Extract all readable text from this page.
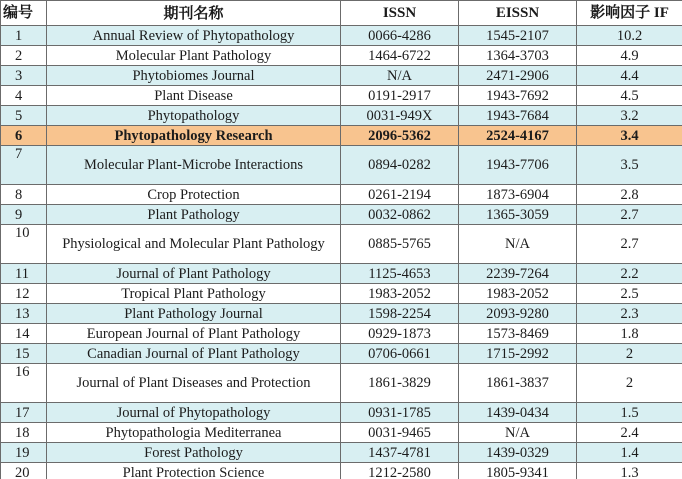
编号	期刊名称	ISSN	EISSN	影响因子 IF
1	Annual Review of Phytopathology	0066-4286	1545-2107	10.2
2	Molecular Plant Pathology	1464-6722	1364-3703	4.9
3	Phytobiomes Journal	N/A	2471-2906	4.4
4	Plant Disease	0191-2917	1943-7692	4.5
5	Phytopathology	0031-949X	1943-7684	3.2
6	Phytopathology Research	2096-5362	2524-4167	3.4
7	Molecular Plant-Microbe Interactions	0894-0282	1943-7706	3.5
8	Crop Protection	0261-2194	1873-6904	2.8
9	Plant Pathology	0032-0862	1365-3059	2.7
10	Physiological and Molecular Plant Pathology	0885-5765	N/A	2.7
11	Journal of Plant Pathology	1125-4653	2239-7264	2.2
12	Tropical Plant Pathology	1983-2052	1983-2052	2.5
13	Plant Pathology Journal	1598-2254	2093-9280	2.3
14	European Journal of Plant Pathology	0929-1873	1573-8469	1.8
15	Canadian Journal of Plant Pathology	0706-0661	1715-2992	2
16	Journal of Plant Diseases and Protection	1861-3829	1861-3837	2
17	Journal of Phytopathology	0931-1785	1439-0434	1.5
18	Phytopathologia Mediterranea	0031-9465	N/A	2.4
19	Forest Pathology	1437-4781	1439-0329	1.4
20	Plant Protection Science	1212-2580	1805-9341	1.3
